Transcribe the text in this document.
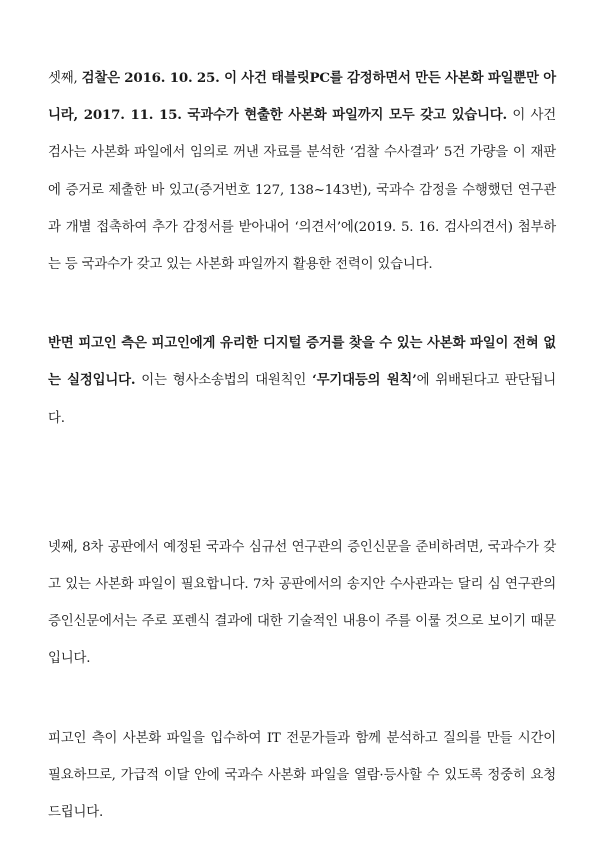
셋째, 검찰은 2016. 10. 25. 이 사건 태블릿PC를 감정하면서 만든 사본화 파일뿐만 아니라, 2017. 11. 15. 국과수가 현출한 사본화 파일까지 모두 갖고 있습니다. 이 사건 검사는 사본화 파일에서 임의로 꺼낸 자료를 분석한 ‘검찰 수사결과’ 5건 가량을 이 재판에 증거로 제출한 바 있고(증거번호 127, 138~143번), 국과수 감정을 수행했던 연구관과 개별 접촉하여 추가 감정서를 받아내어 ‘의견서’에(2019. 5. 16. 검사의견서) 첨부하는 등 국과수가 갖고 있는 사본화 파일까지 활용한 전력이 있습니다.

반면 피고인 측은 피고인에게 유리한 디지털 증거를 찾을 수 있는 사본화 파일이 전혀 없는 실정입니다. 이는 형사소송법의 대원칙인 ‘무기대등의 원칙’에 위배된다고 판단됩니다.

넷째, 8차 공판에서 예정된 국과수 심규선 연구관의 증인신문을 준비하려면, 국과수가 갖고 있는 사본화 파일이 필요합니다. 7차 공판에서의 송지안 수사관과는 달리 심 연구관의 증인신문에서는 주로 포렌식 결과에 대한 기술적인 내용이 주를 이룰 것으로 보이기 때문입니다.

피고인 측이 사본화 파일을 입수하여 IT 전문가들과 함께 분석하고 질의를 만들 시간이 필요하므로, 가급적 이달 안에 국과수 사본화 파일을 열람·등사할 수 있도록 정중히 요청드립니다.
